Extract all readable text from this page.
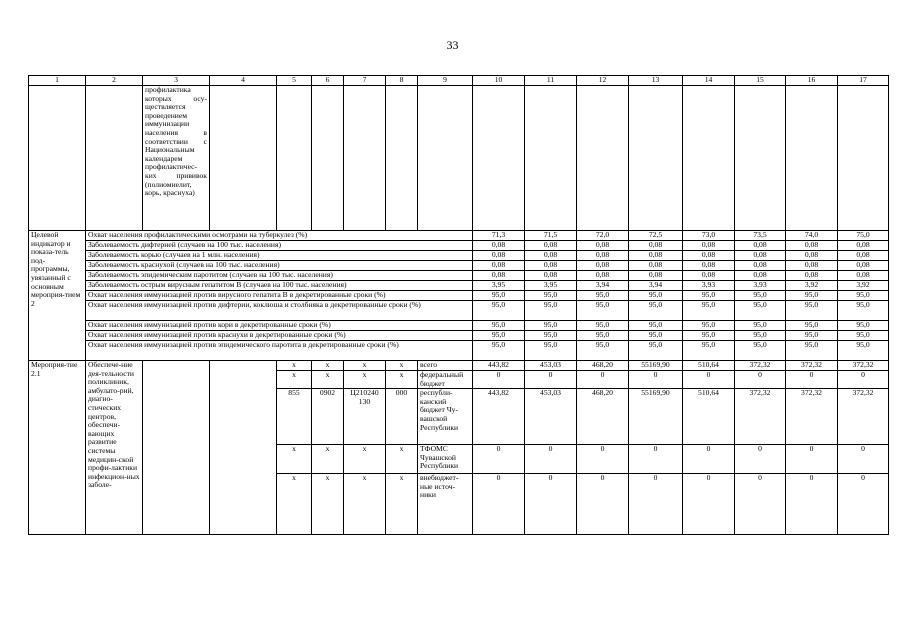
33
1	2	3	4	5	6	7	8	9	10	11	12	13	14	15	16	17
		профилактика которых осу-ществляется проведением иммунизации населения в соответствии с Национальным календарем профилактичес-ких прививок (полиомиелит, корь, краснуха)														
Целевой индикатор и показа-тель под-программы, увязанный с основным мероприя-тием 2	Охват населения профилактическими осмотрами на туберкулез (%)								71,3	71,5	72,0	72,5	73,0	73,5	74,0	75,0
	Заболеваемость дифтерией (случаев на 100 тыс. населения)								0,08	0,08	0,08	0,08	0,08	0,08	0,08	0,08
	Заболеваемость корью (случаев на 1 млн. населения)								0,08	0,08	0,08	0,08	0,08	0,08	0,08	0,08
	Заболеваемость краснухой (случаев на 100 тыс. населения)								0,08	0,08	0,08	0,08	0,08	0,08	0,08	0,08
	Заболеваемость эпидемическим паротитом (случаев на 100 тыс. населения)								0,08	0,08	0,08	0,08	0,08	0,08	0,08	0,08
	Заболеваемость острым вирусным гепатитом В (случаев на 100 тыс. населения)								3,95	3,95	3,94	3,94	3,93	3,93	3,92	3,92
	Охват населения иммунизацией против вирусного гепатита В в декретированные сроки (%)								95,0	95,0	95,0	95,0	95,0	95,0	95,0	95,0
	Охват населения иммунизацией против дифтерии, коклюша и столбняка в декретированные сроки (%)								95,0	95,0	95,0	95,0	95,0	95,0	95,0	95,0
	Охват населения иммунизацией против кори в декретированные сроки (%)								95,0	95,0	95,0	95,0	95,0	95,0	95,0	95,0
	Охват населения иммунизацией против краснухи в декретированные сроки (%)								95,0	95,0	95,0	95,0	95,0	95,0	95,0	95,0
	Охват населения иммунизацией против эпидемического паротита в декретированные сроки (%)								95,0	95,0	95,0	95,0	95,0	95,0	95,0	95,0
Мероприя-тие 2.1	Обеспече-ние дея-тельности поликлиник, амбулато-рий, диагно-стических центров, обеспечи-вающих развитие системы медицин-ской профи-лактики инфекцион-ных заболе-			x	x	x	x	всего	443,82	453,03	468,20	55169,90	510,64	372,32	372,32	372,32
				x	x	x	x	федеральный бюджет	0	0	0	0	0	0	0	0
				855	0902	Ц210240 130	000	республи-канский бюджет Чу-вашской Республики	443,82	453,03	468,20	55169,90	510,64	372,32	372,32	372,32
				x	x	x	x	ТФОМС Чувашской Республики	0	0	0	0	0	0	0	0
				x	x	x	x	внебюджет-ные источ-ники	0	0	0	0	0	0	0	0
